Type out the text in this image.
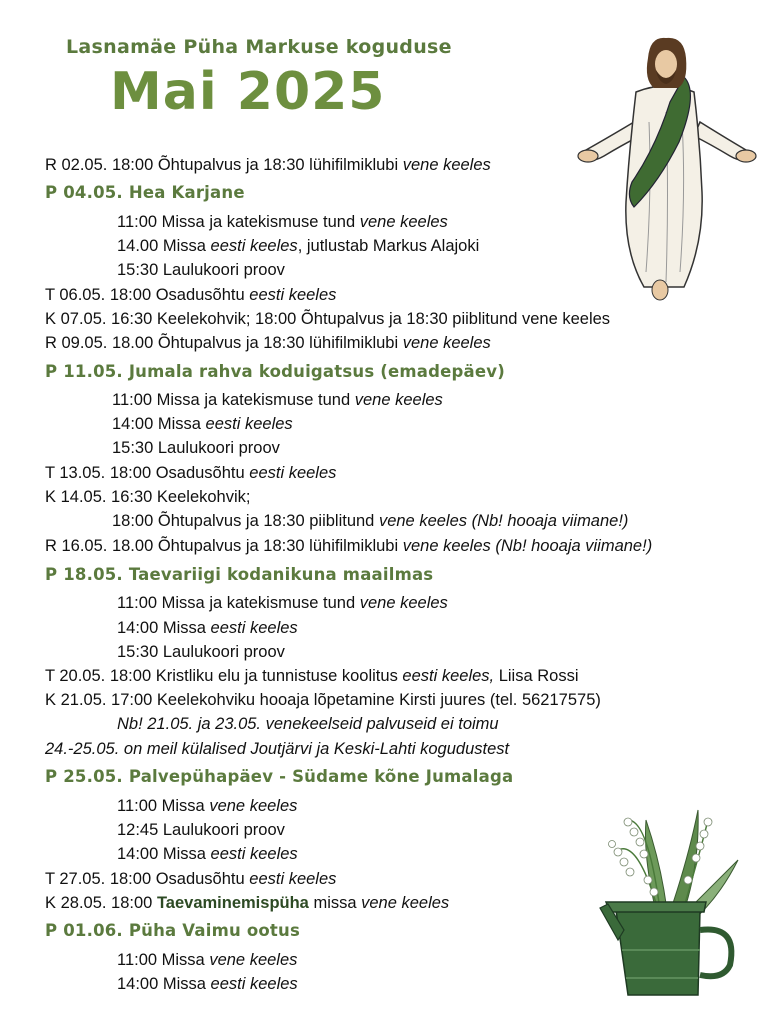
Lasnamäe Püha Markuse koguduse
Mai 2025
R 02.05. 18:00 Õhtupalvus ja 18:30 lühifilmiklubi vene keeles
P 04.05. Hea Karjane
11:00 Missa ja katekismuse tund vene keeles
14.00 Missa eesti keeles, jutlustab Markus Alajoki
15:30 Laulukoori proov
T 06.05. 18:00 Osadusõhtu eesti keeles
K 07.05. 16:30 Keelekohvik; 18:00 Õhtupalvus ja 18:30 piiblitund vene keeles
R 09.05. 18.00 Õhtupalvus ja 18:30 lühifilmiklubi vene keeles
P 11.05. Jumala rahva koduigatsus (emadepäev)
11:00 Missa ja katekismuse tund vene keeles
14:00 Missa eesti keeles
15:30 Laulukoori proov
T 13.05. 18:00 Osadusõhtu eesti keeles
K 14.05. 16:30 Keelekohvik;
18:00 Õhtupalvus ja 18:30 piiblitund vene keeles (Nb! hooaja viimane!)
R 16.05. 18.00 Õhtupalvus ja 18:30 lühifilmiklubi vene keeles (Nb! hooaja viimane!)
P 18.05. Taevariigi kodanikuna maailmas
11:00 Missa ja katekismuse tund vene keeles
14:00 Missa eesti keeles
15:30 Laulukoori proov
T 20.05. 18:00 Kristliku elu ja tunnistuse koolitus eesti keeles, Liisa Rossi
K 21.05. 17:00 Keelekohviku hooaja lõpetamine Kirsti juures (tel. 56217575)
Nb! 21.05. ja 23.05. venekeelseid palvuseid ei toimu
24.-25.05. on meil külalised Joutjärvi ja Keski-Lahti kogudustest
P 25.05. Palvepühapäev - Südame kõne Jumalaga
11:00 Missa vene keeles
12:45 Laulukoori proov
14:00 Missa eesti keeles
T 27.05. 18:00 Osadusõhtu eesti keeles
K 28.05. 18:00 Taevaminemispüha missa vene keeles
P 01.06. Püha Vaimu ootus
11:00 Missa vene keeles
14:00 Missa eesti keeles
